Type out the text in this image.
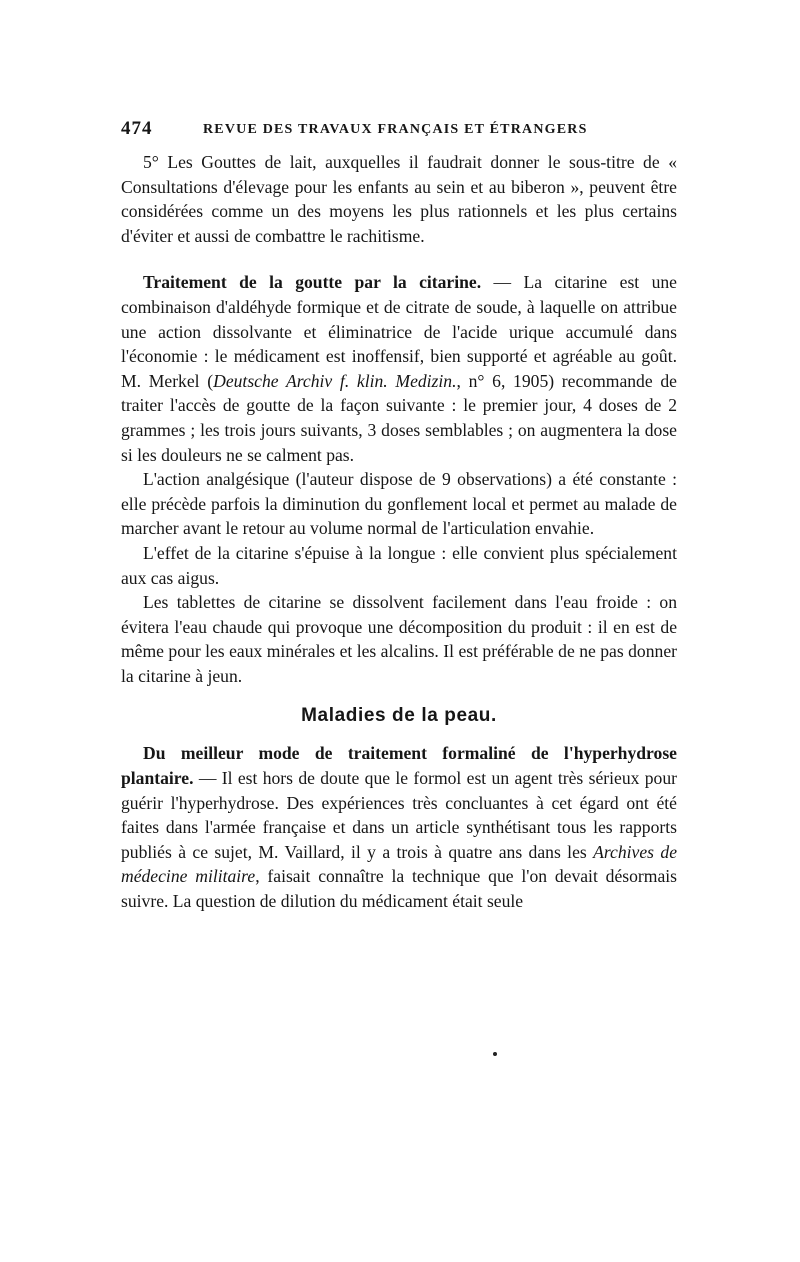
474	REVUE DES TRAVAUX FRANÇAIS ET ÉTRANGERS

5° Les Gouttes de lait, auxquelles il faudrait donner le sous-titre de « Consultations d'élevage pour les enfants au sein et au biberon », peuvent être considérées comme un des moyens les plus rationnels et les plus certains d'éviter et aussi de combattre le rachitisme.

Traitement de la goutte par la citarine. — La citarine est une combinaison d'aldéhyde formique et de citrate de soude, à laquelle on attribue une action dissolvante et éliminatrice de l'acide urique accumulé dans l'économie : le médicament est inoffensif, bien supporté et agréable au goût. M. Merkel (Deutsche Archiv f. klin. Medizin., n° 6, 1905) recommande de traiter l'accès de goutte de la façon suivante : le premier jour, 4 doses de 2 grammes ; les trois jours suivants, 3 doses semblables ; on augmentera la dose si les douleurs ne se calment pas.

L'action analgésique (l'auteur dispose de 9 observations) a été constante : elle précède parfois la diminution du gonflement local et permet au malade de marcher avant le retour au volume normal de l'articulation envahie.

L'effet de la citarine s'épuise à la longue : elle convient plus spécialement aux cas aigus.

Les tablettes de citarine se dissolvent facilement dans l'eau froide : on évitera l'eau chaude qui provoque une décomposition du produit : il en est de même pour les eaux minérales et les alcalins. Il est préférable de ne pas donner la citarine à jeun.

Maladies de la peau.

Du meilleur mode de traitement formaliné de l'hyperhydrose plantaire. — Il est hors de doute que le formol est un agent très sérieux pour guérir l'hyperhydrose. Des expériences très concluantes à cet égard ont été faites dans l'armée française et dans un article synthétisant tous les rapports publiés à ce sujet, M. Vaillard, il y a trois à quatre ans dans les Archives de médecine militaire, faisait connaître la technique que l'on devait désormais suivre. La question de dilution du médicament était seule
